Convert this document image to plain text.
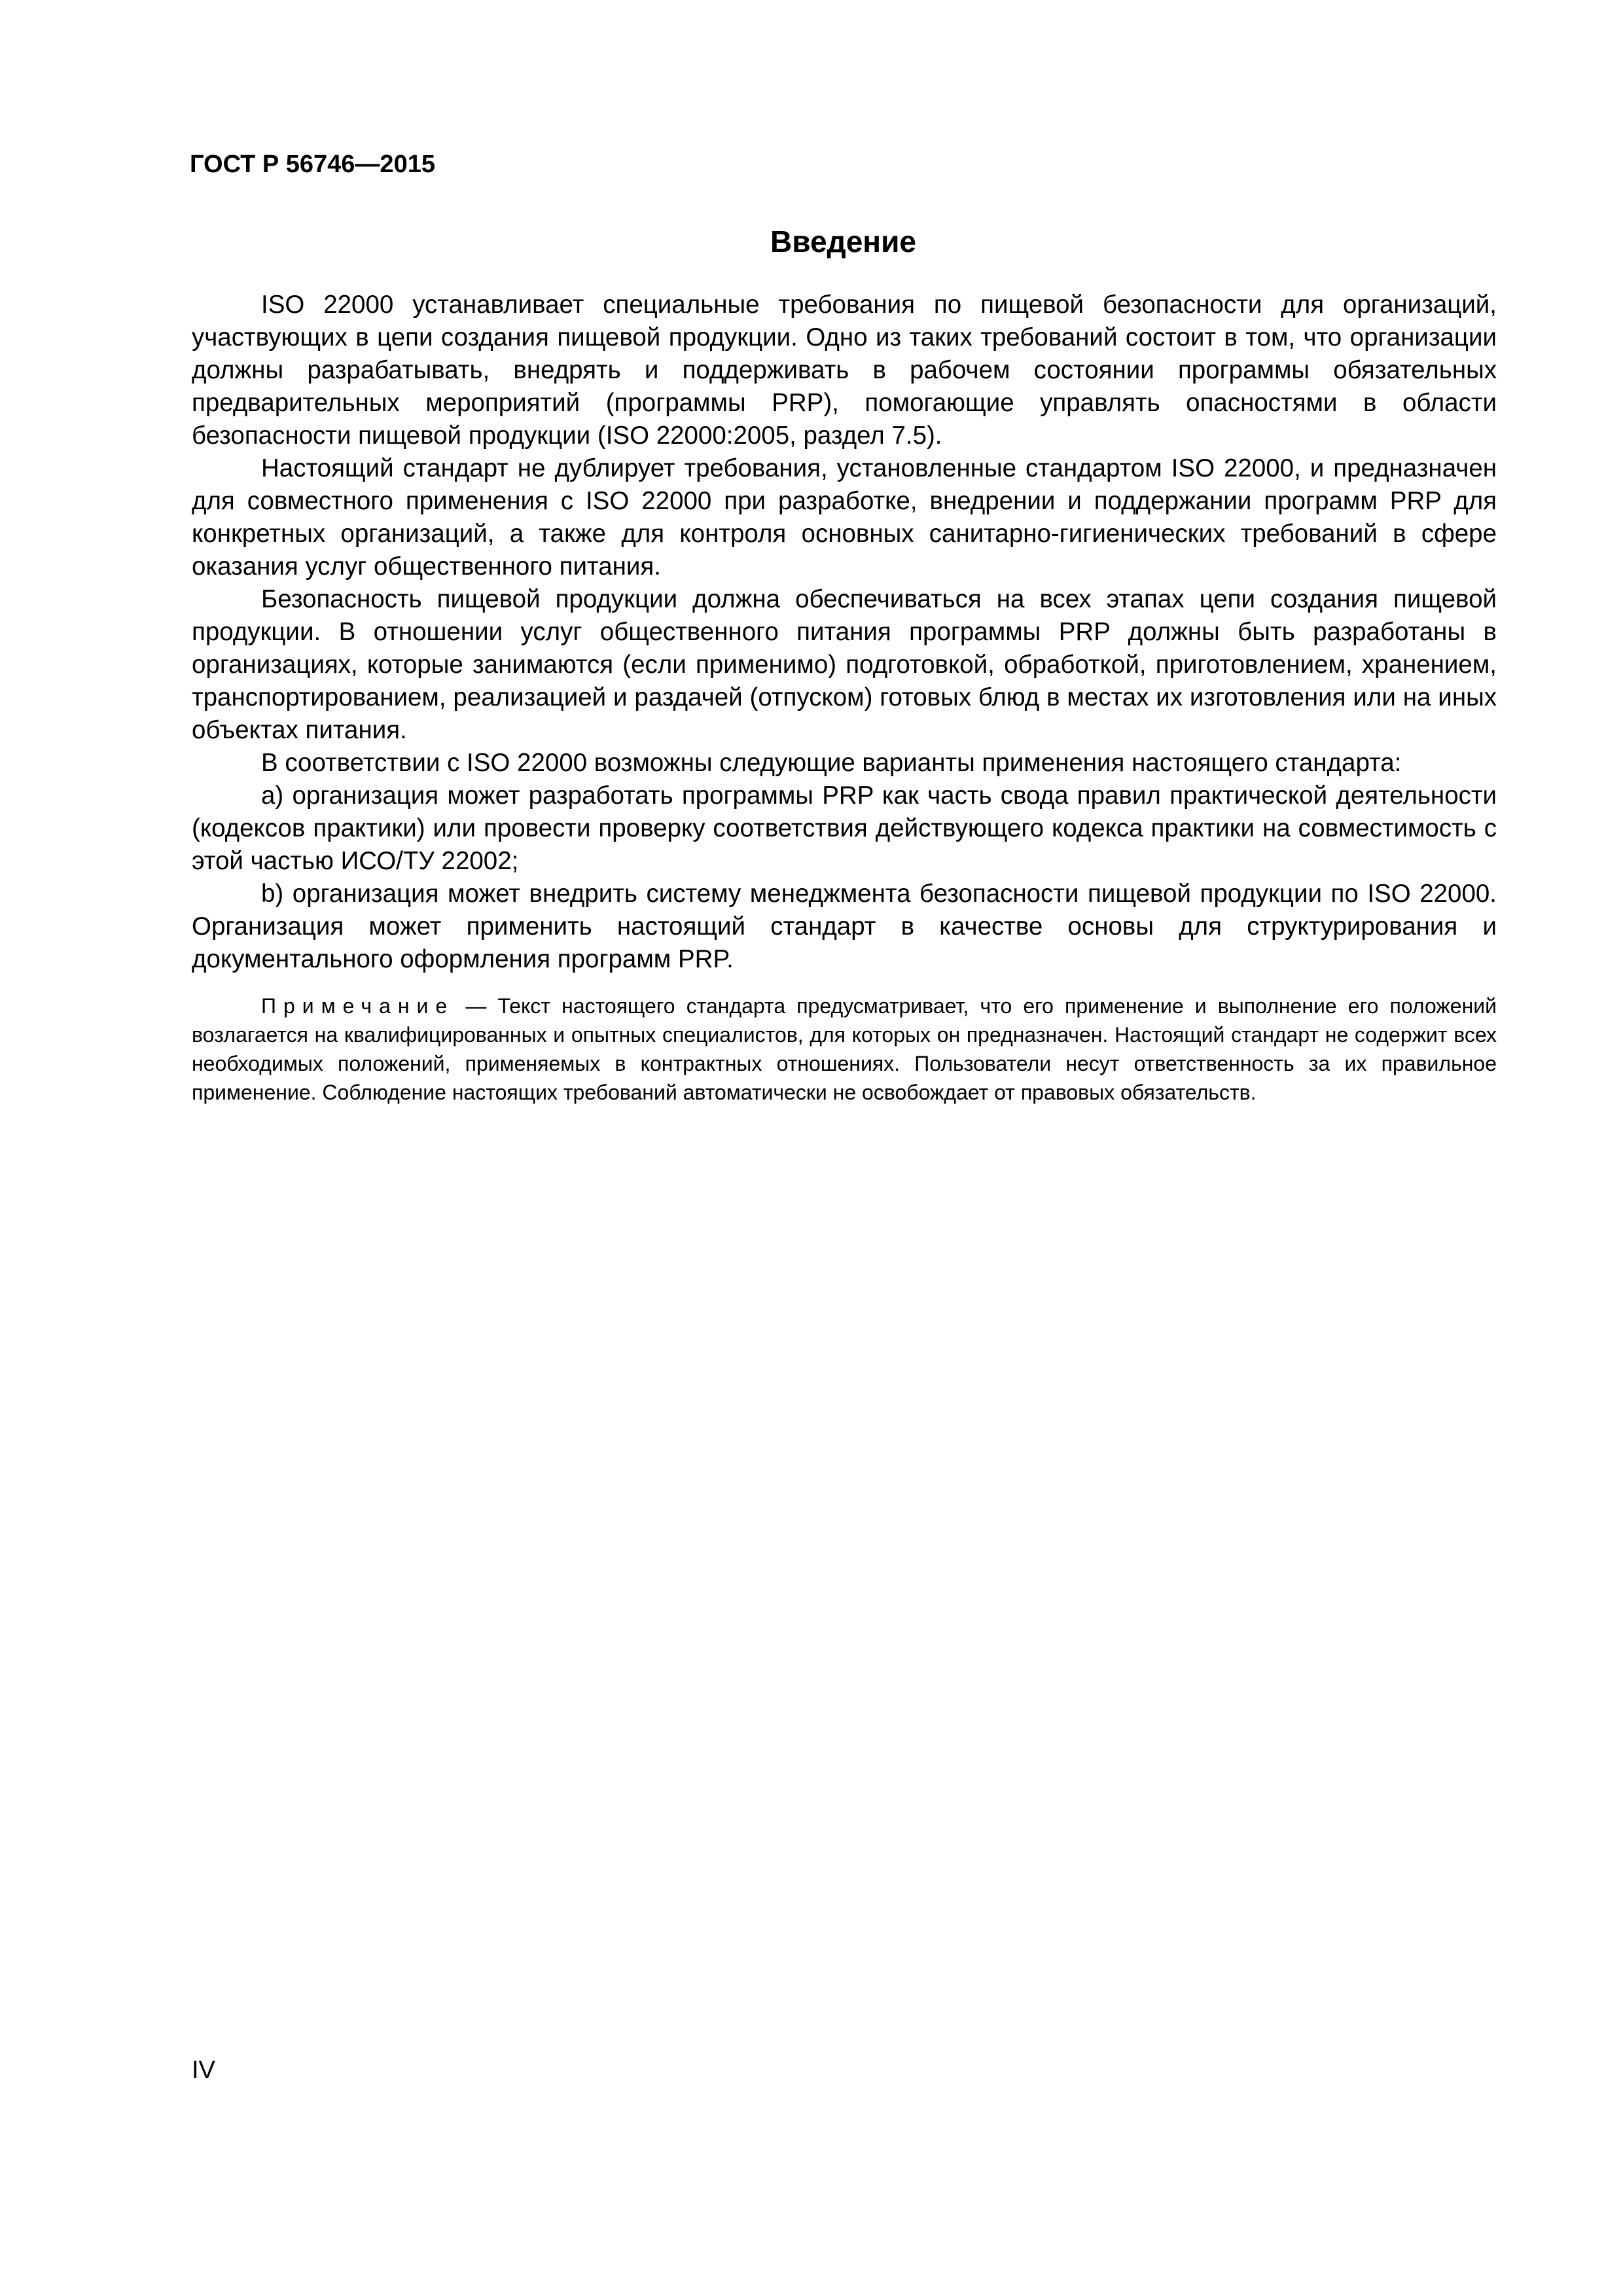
ГОСТ Р 56746—2015
Введение

ISO 22000 устанавливает специальные требования по пищевой безопасности для организаций, участвующих в цепи создания пищевой продукции. Одно из таких требований состоит в том, что организации должны разрабатывать, внедрять и поддерживать в рабочем состоянии программы обязательных предварительных мероприятий (программы PRP), помогающие управлять опасностями в области безопасности пищевой продукции (ISO 22000:2005, раздел 7.5).

Настоящий стандарт не дублирует требования, установленные стандартом ISO 22000, и предназначен для совместного применения с ISO 22000 при разработке, внедрении и поддержании программ PRP для конкретных организаций, а также для контроля основных санитарно-гигиенических требований в сфере оказания услуг общественного питания.

Безопасность пищевой продукции должна обеспечиваться на всех этапах цепи создания пищевой продукции. В отношении услуг общественного питания программы PRP должны быть разработаны в организациях, которые занимаются (если применимо) подготовкой, обработкой, приготовлением, хранением, транспортированием, реализацией и раздачей (отпуском) готовых блюд в местах их изготовления или на иных объектах питания.

В соответствии с ISO 22000 возможны следующие варианты применения настоящего стандарта:

a) организация может разработать программы PRP как часть свода правил практической деятельности (кодексов практики) или провести проверку соответствия действующего кодекса практики на совместимость с этой частью ИСО/ТУ 22002;

b) организация может внедрить систему менеджмента безопасности пищевой продукции по ISO 22000. Организация может применить настоящий стандарт в качестве основы для структурирования и документального оформления программ PRP.

Примечание — Текст настоящего стандарта предусматривает, что его применение и выполнение его положений возлагается на квалифицированных и опытных специалистов, для которых он предназначен. Настоящий стандарт не содержит всех необходимых положений, применяемых в контрактных отношениях. Пользователи несут ответственность за их правильное применение. Соблюдение настоящих требований автоматически не освобождает от правовых обязательств.

IV
